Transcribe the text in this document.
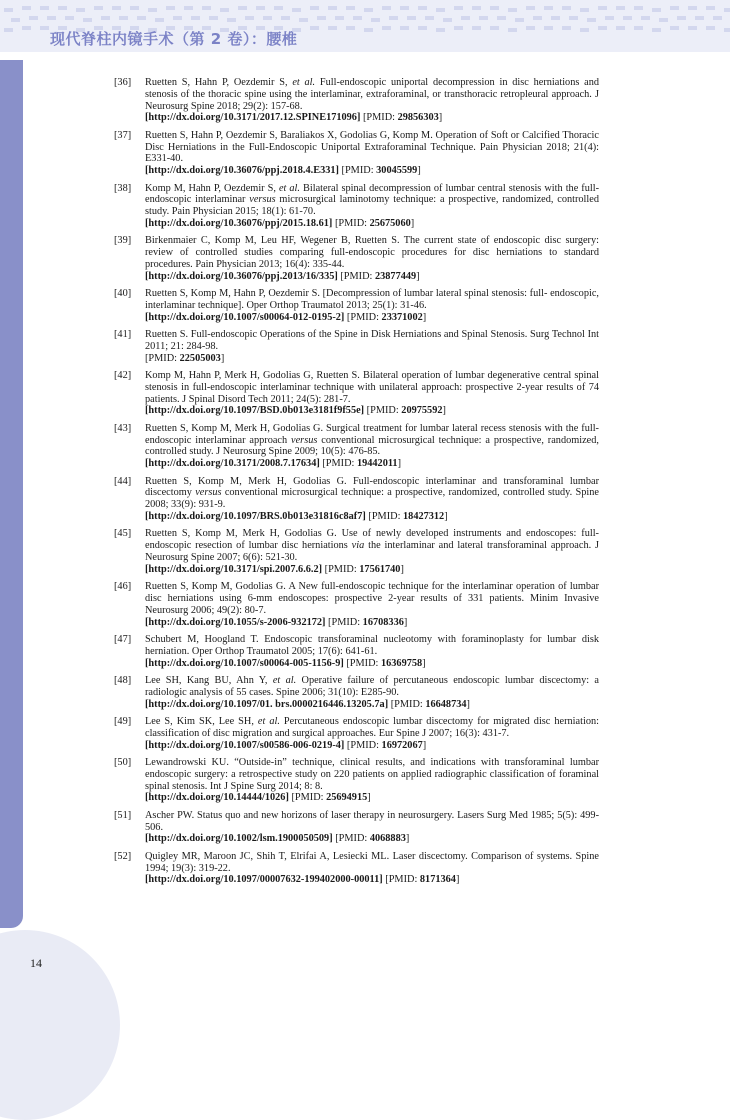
现代脊柱内镜手术（第 2 卷）：腰椎
14
[36] Ruetten S, Hahn P, Oezdemir S, et al. Full-endoscopic uniportal decompression in disc herniations and stenosis of the thoracic spine using the interlaminar, extraforaminal, or transthoracic retropleural approach. J Neurosurg Spine 2018; 29(2): 157-68.
[http://dx.doi.org/10.3171/2017.12.SPINE171096] [PMID: 29856303]
[37] Ruetten S, Hahn P, Oezdemir S, Baraliakos X, Godolias G, Komp M. Operation of Soft or Calcified Thoracic Disc Herniations in the Full-Endoscopic Uniportal Extraforaminal Technique. Pain Physician 2018; 21(4): E331-40.
[http://dx.doi.org/10.36076/ppj.2018.4.E331] [PMID: 30045599]
[38] Komp M, Hahn P, Oezdemir S, et al. Bilateral spinal decompression of lumbar central stenosis with the full-endoscopic interlaminar versus microsurgical laminotomy technique: a prospective, randomized, controlled study. Pain Physician 2015; 18(1): 61-70.
[http://dx.doi.org/10.36076/ppj/2015.18.61] [PMID: 25675060]
[39] Birkenmaier C, Komp M, Leu HF, Wegener B, Ruetten S. The current state of endoscopic disc surgery: review of controlled studies comparing full-endoscopic procedures for disc herniations to standard procedures. Pain Physician 2013; 16(4): 335-44.
[http://dx.doi.org/10.36076/ppj.2013/16/335] [PMID: 23877449]
[40] Ruetten S, Komp M, Hahn P, Oezdemir S. [Decompression of lumbar lateral spinal stenosis: full- endoscopic, interlaminar technique]. Oper Orthop Traumatol 2013; 25(1): 31-46.
[http://dx.doi.org/10.1007/s00064-012-0195-2] [PMID: 23371002]
[41] Ruetten S. Full-endoscopic Operations of the Spine in Disk Herniations and Spinal Stenosis. Surg Technol Int 2011; 21: 284-98.
[PMID: 22505003]
[42] Komp M, Hahn P, Merk H, Godolias G, Ruetten S. Bilateral operation of lumbar degenerative central spinal stenosis in full-endoscopic interlaminar technique with unilateral approach: prospective 2-year results of 74 patients. J Spinal Disord Tech 2011; 24(5): 281-7.
[http://dx.doi.org/10.1097/BSD.0b013e3181f9f55e] [PMID: 20975592]
[43] Ruetten S, Komp M, Merk H, Godolias G. Surgical treatment for lumbar lateral recess stenosis with the full-endoscopic interlaminar approach versus conventional microsurgical technique: a prospective, randomized, controlled study. J Neurosurg Spine 2009; 10(5): 476-85.
[http://dx.doi.org/10.3171/2008.7.17634] [PMID: 19442011]
[44] Ruetten S, Komp M, Merk H, Godolias G. Full-endoscopic interlaminar and transforaminal lumbar discectomy versus conventional microsurgical technique: a prospective, randomized, controlled study. Spine 2008; 33(9): 931-9.
[http://dx.doi.org/10.1097/BRS.0b013e31816c8af7] [PMID: 18427312]
[45] Ruetten S, Komp M, Merk H, Godolias G. Use of newly developed instruments and endoscopes: full- endoscopic resection of lumbar disc herniations via the interlaminar and lateral transforaminal approach. J Neurosurg Spine 2007; 6(6): 521-30.
[http://dx.doi.org/10.3171/spi.2007.6.6.2] [PMID: 17561740]
[46] Ruetten S, Komp M, Godolias G. A New full-endoscopic technique for the interlaminar operation of lumbar disc herniations using 6-mm endoscopes: prospective 2-year results of 331 patients. Minim Invasive Neurosurg 2006; 49(2): 80-7.
[http://dx.doi.org/10.1055/s-2006-932172] [PMID: 16708336]
[47] Schubert M, Hoogland T. Endoscopic transforaminal nucleotomy with foraminoplasty for lumbar disk herniation. Oper Orthop Traumatol 2005; 17(6): 641-61.
[http://dx.doi.org/10.1007/s00064-005-1156-9] [PMID: 16369758]
[48] Lee SH, Kang BU, Ahn Y, et al. Operative failure of percutaneous endoscopic lumbar discectomy: a radiologic analysis of 55 cases. Spine 2006; 31(10): E285-90.
[http://dx.doi.org/10.1097/01. brs.0000216446.13205.7a] [PMID: 16648734]
[49] Lee S, Kim SK, Lee SH, et al. Percutaneous endoscopic lumbar discectomy for migrated disc herniation: classification of disc migration and surgical approaches. Eur Spine J 2007; 16(3): 431-7.
[http://dx.doi.org/10.1007/s00586-006-0219-4] [PMID: 16972067]
[50] Lewandrowski KU. “Outside-in” technique, clinical results, and indications with transforaminal lumbar endoscopic surgery: a retrospective study on 220 patients on applied radiographic classification of foraminal spinal stenosis. Int J Spine Surg 2014; 8: 8.
[http://dx.doi.org/10.14444/1026] [PMID: 25694915]
[51] Ascher PW. Status quo and new horizons of laser therapy in neurosurgery. Lasers Surg Med 1985; 5(5): 499-506.
[http://dx.doi.org/10.1002/lsm.1900050509] [PMID: 4068883]
[52] Quigley MR, Maroon JC, Shih T, Elrifai A, Lesiecki ML. Laser discectomy. Comparison of systems. Spine 1994; 19(3): 319-22.
[http://dx.doi.org/10.1097/00007632-199402000-00011] [PMID: 8171364]
